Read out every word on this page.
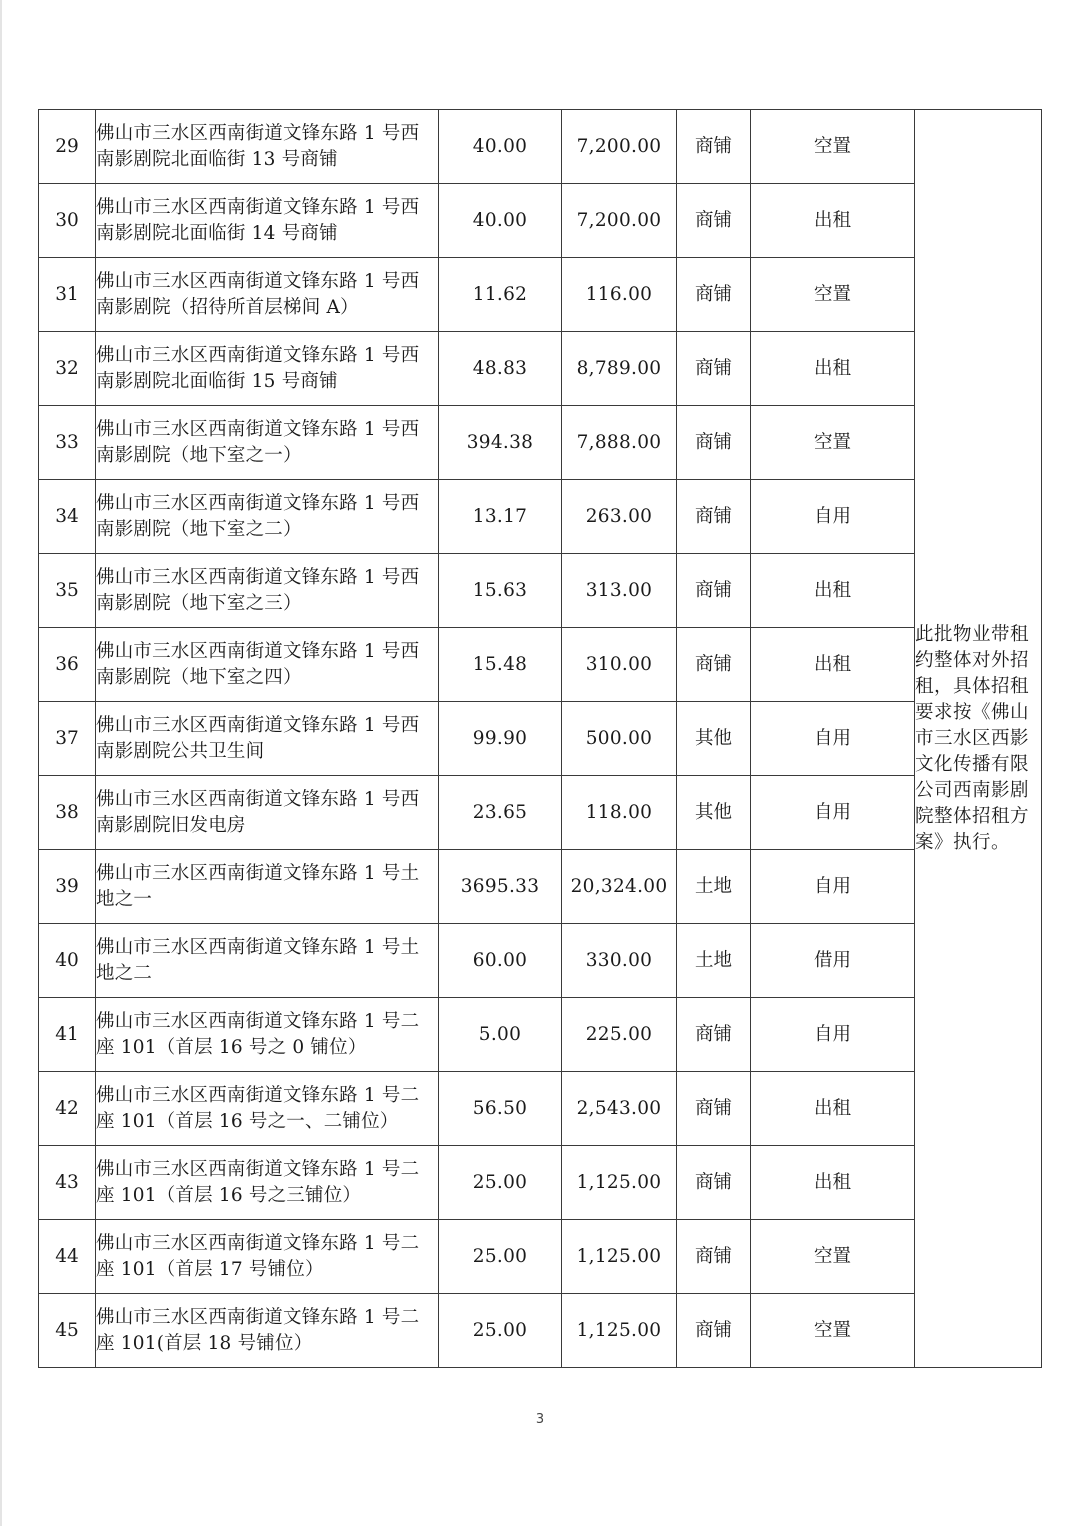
29	佛山市三水区西南街道文锋东路 1 号西南影剧院北面临街 13 号商铺	40.00	7,200.00	商铺	空置	此批物业带租约整体对外招租，具体招租要求按《佛山市三水区西影文化传播有限公司西南影剧院整体招租方案》执行。
30	佛山市三水区西南街道文锋东路 1 号西南影剧院北面临街 14 号商铺	40.00	7,200.00	商铺	出租	
31	佛山市三水区西南街道文锋东路 1 号西南影剧院（招待所首层梯间 A）	11.62	116.00	商铺	空置	
32	佛山市三水区西南街道文锋东路 1 号西南影剧院北面临街 15 号商铺	48.83	8,789.00	商铺	出租	
33	佛山市三水区西南街道文锋东路 1 号西南影剧院（地下室之一）	394.38	7,888.00	商铺	空置	
34	佛山市三水区西南街道文锋东路 1 号西南影剧院（地下室之二）	13.17	263.00	商铺	自用	
35	佛山市三水区西南街道文锋东路 1 号西南影剧院（地下室之三）	15.63	313.00	商铺	出租	
36	佛山市三水区西南街道文锋东路 1 号西南影剧院（地下室之四）	15.48	310.00	商铺	出租	
37	佛山市三水区西南街道文锋东路 1 号西南影剧院公共卫生间	99.90	500.00	其他	自用	
38	佛山市三水区西南街道文锋东路 1 号西南影剧院旧发电房	23.65	118.00	其他	自用	
39	佛山市三水区西南街道文锋东路 1 号土地之一	3695.33	20,324.00	土地	自用	
40	佛山市三水区西南街道文锋东路 1 号土地之二	60.00	330.00	土地	借用	
41	佛山市三水区西南街道文锋东路 1 号二座 101（首层 16 号之 0 铺位）	5.00	225.00	商铺	自用	
42	佛山市三水区西南街道文锋东路 1 号二座 101（首层 16 号之一、二铺位）	56.50	2,543.00	商铺	出租	
43	佛山市三水区西南街道文锋东路 1 号二座 101（首层 16 号之三铺位）	25.00	1,125.00	商铺	出租	
44	佛山市三水区西南街道文锋东路 1 号二座 101（首层 17 号铺位）	25.00	1,125.00	商铺	空置	
45	佛山市三水区西南街道文锋东路 1 号二座 101(首层 18 号铺位）	25.00	1,125.00	商铺	空置	
3
